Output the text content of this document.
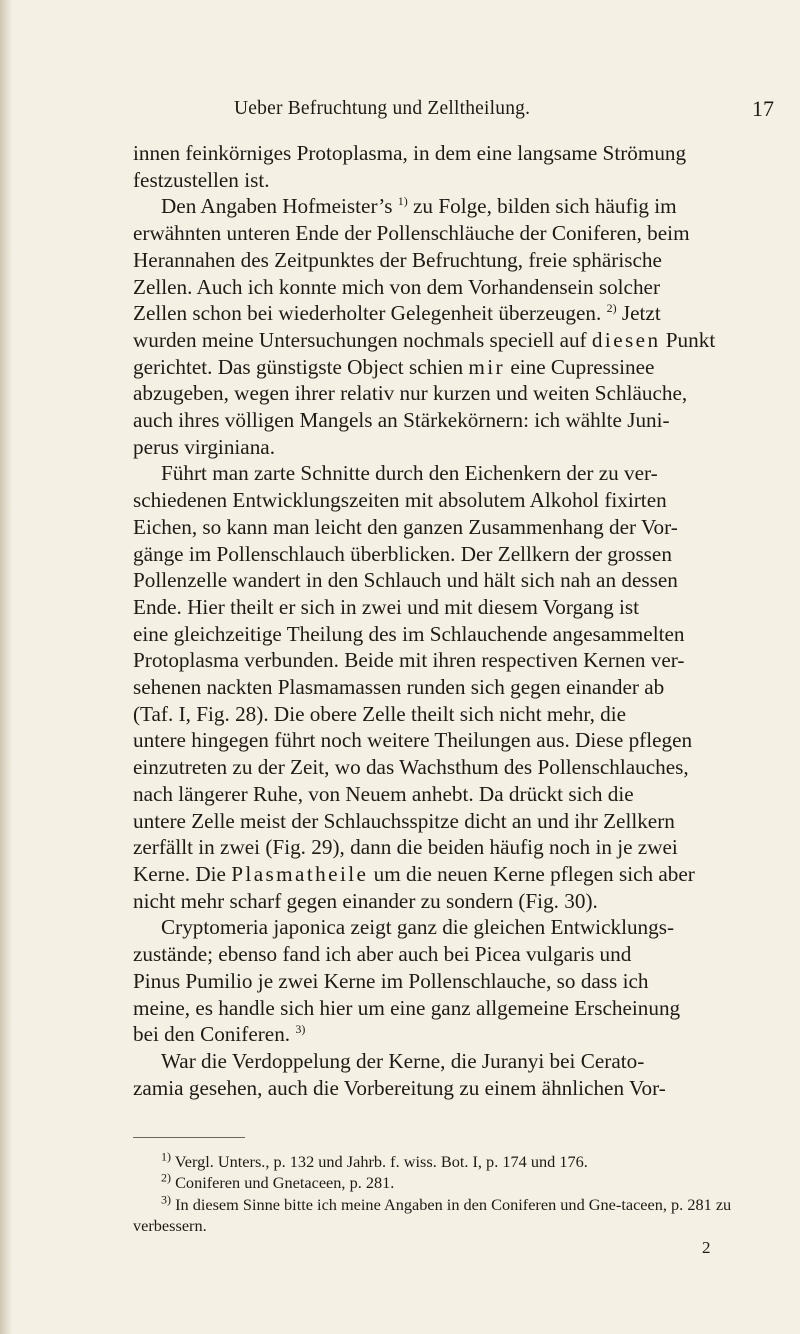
Ueber Befruchtung und Zelltheilung.	17

innen feinkörniges Protoplasma, in dem eine langsame Strömung
festzustellen ist.

Den Angaben Hofmeister’s $^{1)}$ zu Folge, bilden sich häufig im
erwähnten unteren Ende der Pollenschläuche der Coniferen, beim
Herannahen des Zeitpunktes der Befruchtung, freie sphärische
Zellen. Auch ich konnte mich von dem Vorhandensein solcher
Zellen schon bei wiederholter Gelegenheit überzeugen. $^{2)}$ Jetzt
wurden meine Untersuchungen nochmals speciell auf diesen Punkt
gerichtet. Das günstigste Object schien mir eine Cupressinee
abzugeben, wegen ihrer relativ nur kurzen und weiten Schläuche,
auch ihres völligen Mangels an Stärkekörnern: ich wählte Juni-
perus virginiana.

Führt man zarte Schnitte durch den Eichenkern der zu ver-
schiedenen Entwicklungszeiten mit absolutem Alkohol fixirten
Eichen, so kann man leicht den ganzen Zusammenhang der Vor-
gänge im Pollenschlauch überblicken. Der Zellkern der grossen
Pollenzelle wandert in den Schlauch und hält sich nah an dessen
Ende. Hier theilt er sich in zwei und mit diesem Vorgang ist
eine gleichzeitige Theilung des im Schlauchende angesammelten
Protoplasma verbunden. Beide mit ihren respectiven Kernen ver-
sehenen nackten Plasmamassen runden sich gegen einander ab
(Taf. I, Fig. 28). Die obere Zelle theilt sich nicht mehr, die
untere hingegen führt noch weitere Theilungen aus. Diese pflegen
einzutreten zu der Zeit, wo das Wachsthum des Pollenschlauches,
nach längerer Ruhe, von Neuem anhebt. Da drückt sich die
untere Zelle meist der Schlauchsspitze dicht an und ihr Zellkern
zerfällt in zwei (Fig. 29), dann die beiden häufig noch in je zwei
Kerne. Die Plasmatheile um die neuen Kerne pflegen sich aber
nicht mehr scharf gegen einander zu sondern (Fig. 30).

Cryptomeria japonica zeigt ganz die gleichen Entwicklungs-
zustände; ebenso fand ich aber auch bei Picea vulgaris und
Pinus Pumilio je zwei Kerne im Pollenschlauche, so dass ich
meine, es handle sich hier um eine ganz allgemeine Erscheinung
bei den Coniferen. $^{3)}$

War die Verdoppelung der Kerne, die Juranyi bei Cerato-
zamia gesehen, auch die Vorbereitung zu einem ähnlichen Vor-

$^{1)}$ Vergl. Unters., p. 132 und Jahrb. f. wiss. Bot. I, p. 174 und 176.

$^{2)}$ Coniferen und Gnetaceen, p. 281.

$^{3)}$ In diesem Sinne bitte ich meine Angaben in den Coniferen und Gne-taceen, p. 281 zu verbessern.

2
